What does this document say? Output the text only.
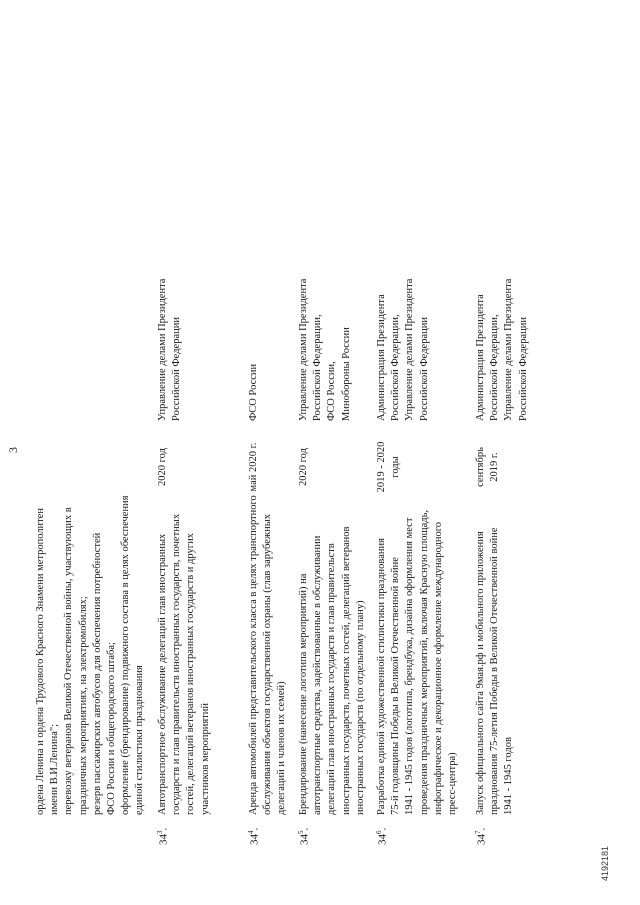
3
ордена Ленина и ордена Трудового Красного Знамени метрополитен имени В.И.Ленина"; перевозку ветеранов Великой Отечественной войны, участвующих в праздничных мероприятиях, на электромобилях; резерв пассажирских автобусов для обеспечения потребностей ФСО России и общегородского штаба; оформление (брендирование) подвижного состава в целях обеспечения единой стилистики празднования
$34^3$.
Автотранспортное обслуживание делегаций глав иностранных государств и глав правительств иностранных государств, почетных гостей, делегаций ветеранов иностранных государств и других участников мероприятий
2020 год
Управление делами Президента Российской Федерации
$34^4$.
Аренда автомобилей представительского класса в целях транспортного обслуживания объектов государственной охраны (глав зарубежных делегаций и членов их семей)
май 2020 г.
ФСО России
$34^5$.
Брендирование (нанесение логотипа мероприятий) на автотранспортные средства, задействованные в обслуживании делегаций глав иностранных государств и глав правительств иностранных государств, почетных гостей, делегаций ветеранов иностранных государств (по отдельному плану)
2020 год
Управление делами Президента Российской Федерации, ФСО России, Минобороны России
$34^6$.
Разработка единой художественной стилистики празднования 75-й годовщины Победы в Великой Отечественной войне 1941 - 1945 годов (логотипа, брендбука, дизайна оформления мест проведения праздничных мероприятий, включая Красную площадь, инфографическое и декорационное оформление международного пресс-центра)
2019 - 2020 годы
Администрация Президента Российской Федерации, Управление делами Президента Российской Федерации
$34^7$.
Запуск официального сайта 9мая.рф и мобильного приложения празднования 75-летия Победы в Великой Отечественной войне 1941 - 1945 годов
сентябрь 2019 г.
Администрация Президента Российской Федерации, Управление делами Президента Российской Федерации
4192181
